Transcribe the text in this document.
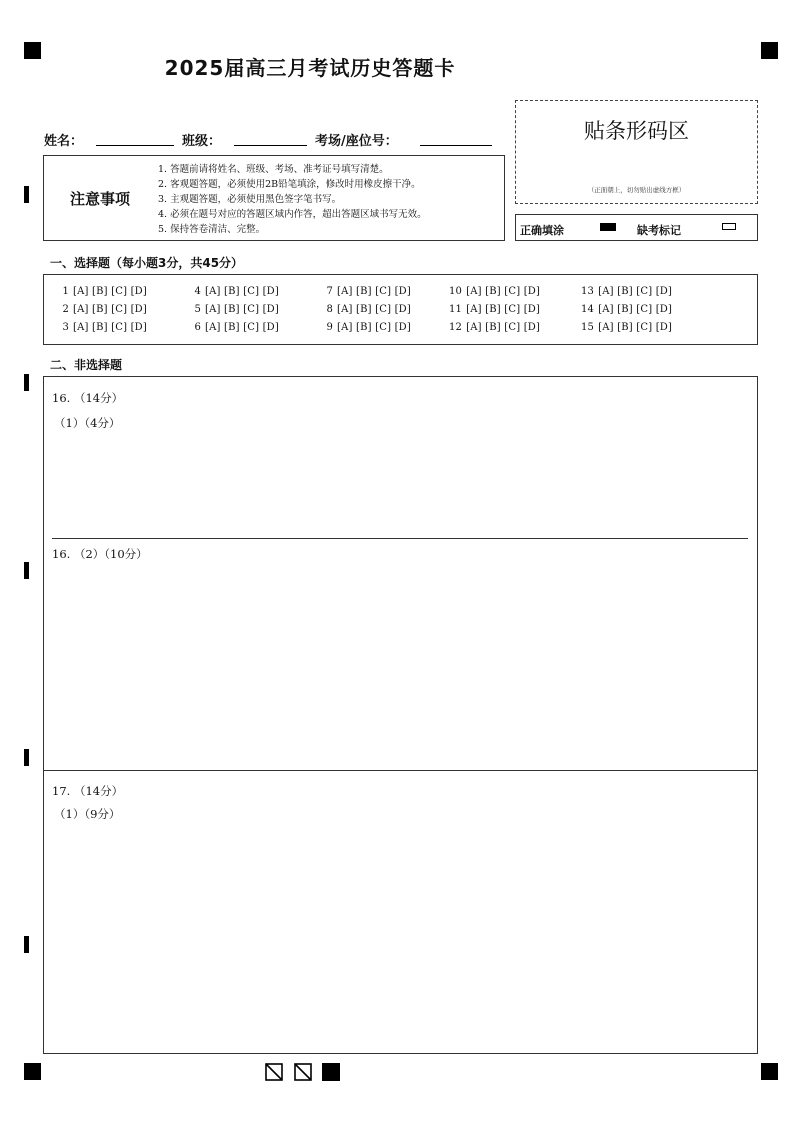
2025届高三月考试历史答题卡
姓名：	班级：	考场/座位号：
注意事项
1. 答题前请将姓名、班级、考场、准考证号填写清楚。
2. 客观题答题，必须使用2B铅笔填涂，修改时用橡皮擦干净。
3. 主观题答题，必须使用黑色签字笔书写。
4. 必须在题号对应的答题区域内作答，超出答题区域书写无效。
5. 保持答卷清洁、完整。
贴条形码区
（正面朝上，切勿贴出虚线方框）
正确填涂	缺考标记
一、选择题（每小题3分，共45分）
1 [A] [B] [C] [D]
2 [A] [B] [C] [D]
3 [A] [B] [C] [D]
4 [A] [B] [C] [D]
5 [A] [B] [C] [D]
6 [A] [B] [C] [D]
7 [A] [B] [C] [D]
8 [A] [B] [C] [D]
9 [A] [B] [C] [D]
10 [A] [B] [C] [D]
11 [A] [B] [C] [D]
12 [A] [B] [C] [D]
13 [A] [B] [C] [D]
14 [A] [B] [C] [D]
15 [A] [B] [C] [D]
二、非选择题
16. （14分）
（1）（4分）
16. （2）（10分）
17. （14分）
（1）（9分）
